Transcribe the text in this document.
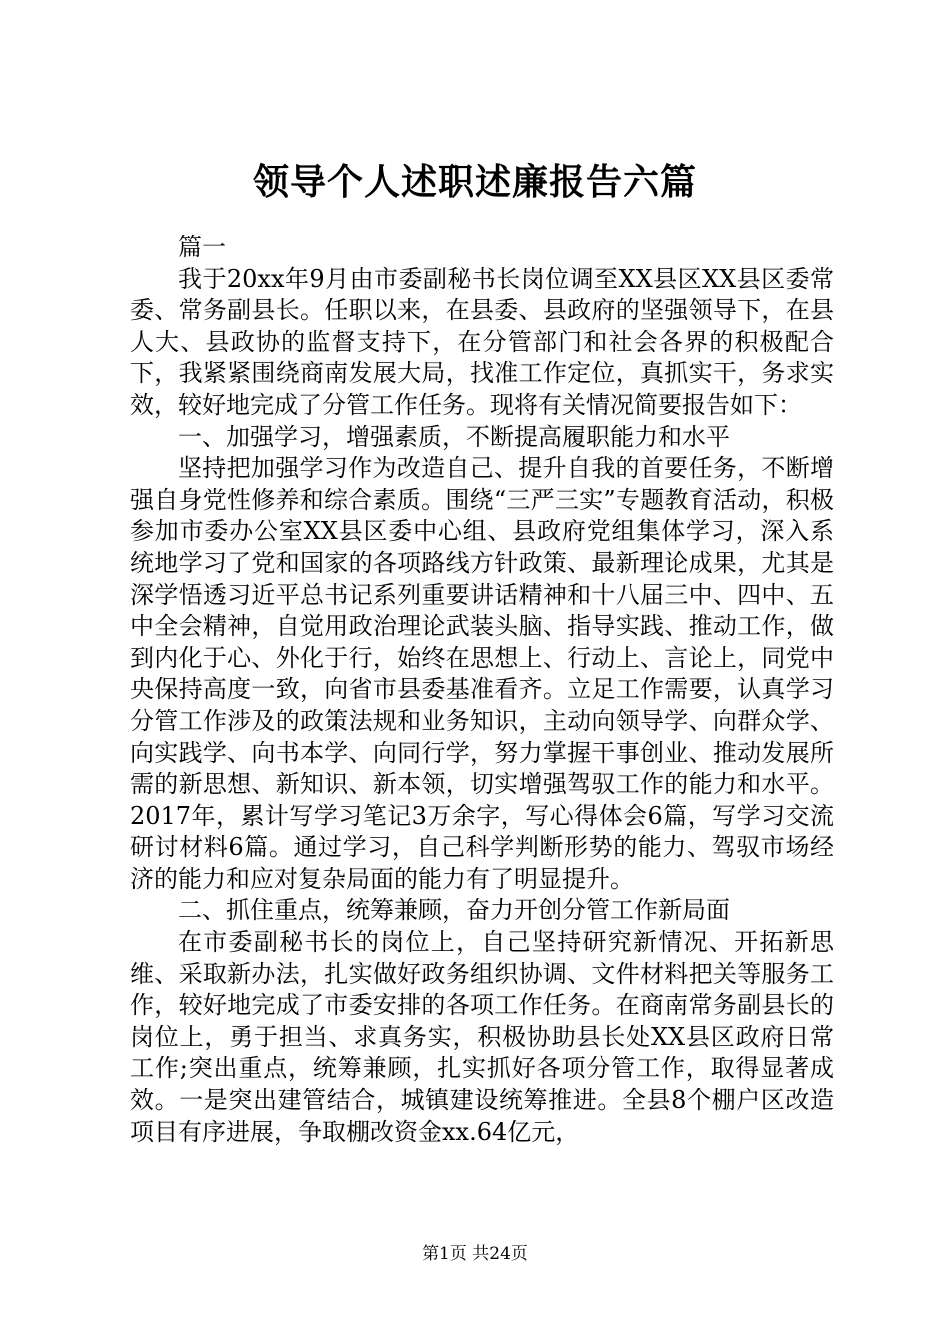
领导个人述职述廉报告六篇

篇一

我于20xx年9月由市委副秘书长岗位调至XX县区XX县区委常委、常务副县长。任职以来，在县委、县政府的坚强领导下，在县人大、县政协的监督支持下，在分管部门和社会各界的积极配合下，我紧紧围绕商南发展大局，找准工作定位，真抓实干，务求实效，较好地完成了分管工作任务。现将有关情况简要报告如下：

一、加强学习，增强素质，不断提高履职能力和水平

坚持把加强学习作为改造自己、提升自我的首要任务，不断增强自身党性修养和综合素质。围绕“三严三实”专题教育活动，积极参加市委办公室XX县区委中心组、县政府党组集体学习，深入系统地学习了党和国家的各项路线方针政策、最新理论成果，尤其是深学悟透习近平总书记系列重要讲话精神和十八届三中、四中、五中全会精神，自觉用政治理论武装头脑、指导实践、推动工作，做到内化于心、外化于行，始终在思想上、行动上、言论上，同党中央保持高度一致，向省市县委基准看齐。立足工作需要，认真学习分管工作涉及的政策法规和业务知识，主动向领导学、向群众学、向实践学、向书本学、向同行学，努力掌握干事创业、推动发展所需的新思想、新知识、新本领，切实增强驾驭工作的能力和水平。2017年，累计写学习笔记3万余字，写心得体会6篇，写学习交流研讨材料6篇。通过学习，自己科学判断形势的能力、驾驭市场经济的能力和应对复杂局面的能力有了明显提升。

二、抓住重点，统筹兼顾，奋力开创分管工作新局面

在市委副秘书长的岗位上，自己坚持研究新情况、开拓新思维、采取新办法，扎实做好政务组织协调、文件材料把关等服务工作，较好地完成了市委安排的各项工作任务。在商南常务副县长的岗位上，勇于担当、求真务实，积极协助县长处XX县区政府日常工作;突出重点，统筹兼顾，扎实抓好各项分管工作，取得显著成效。一是突出建管结合，城镇建设统筹推进。全县8个棚户区改造项目有序进展，争取棚改资金xx.64亿元，

第1页 共24页
